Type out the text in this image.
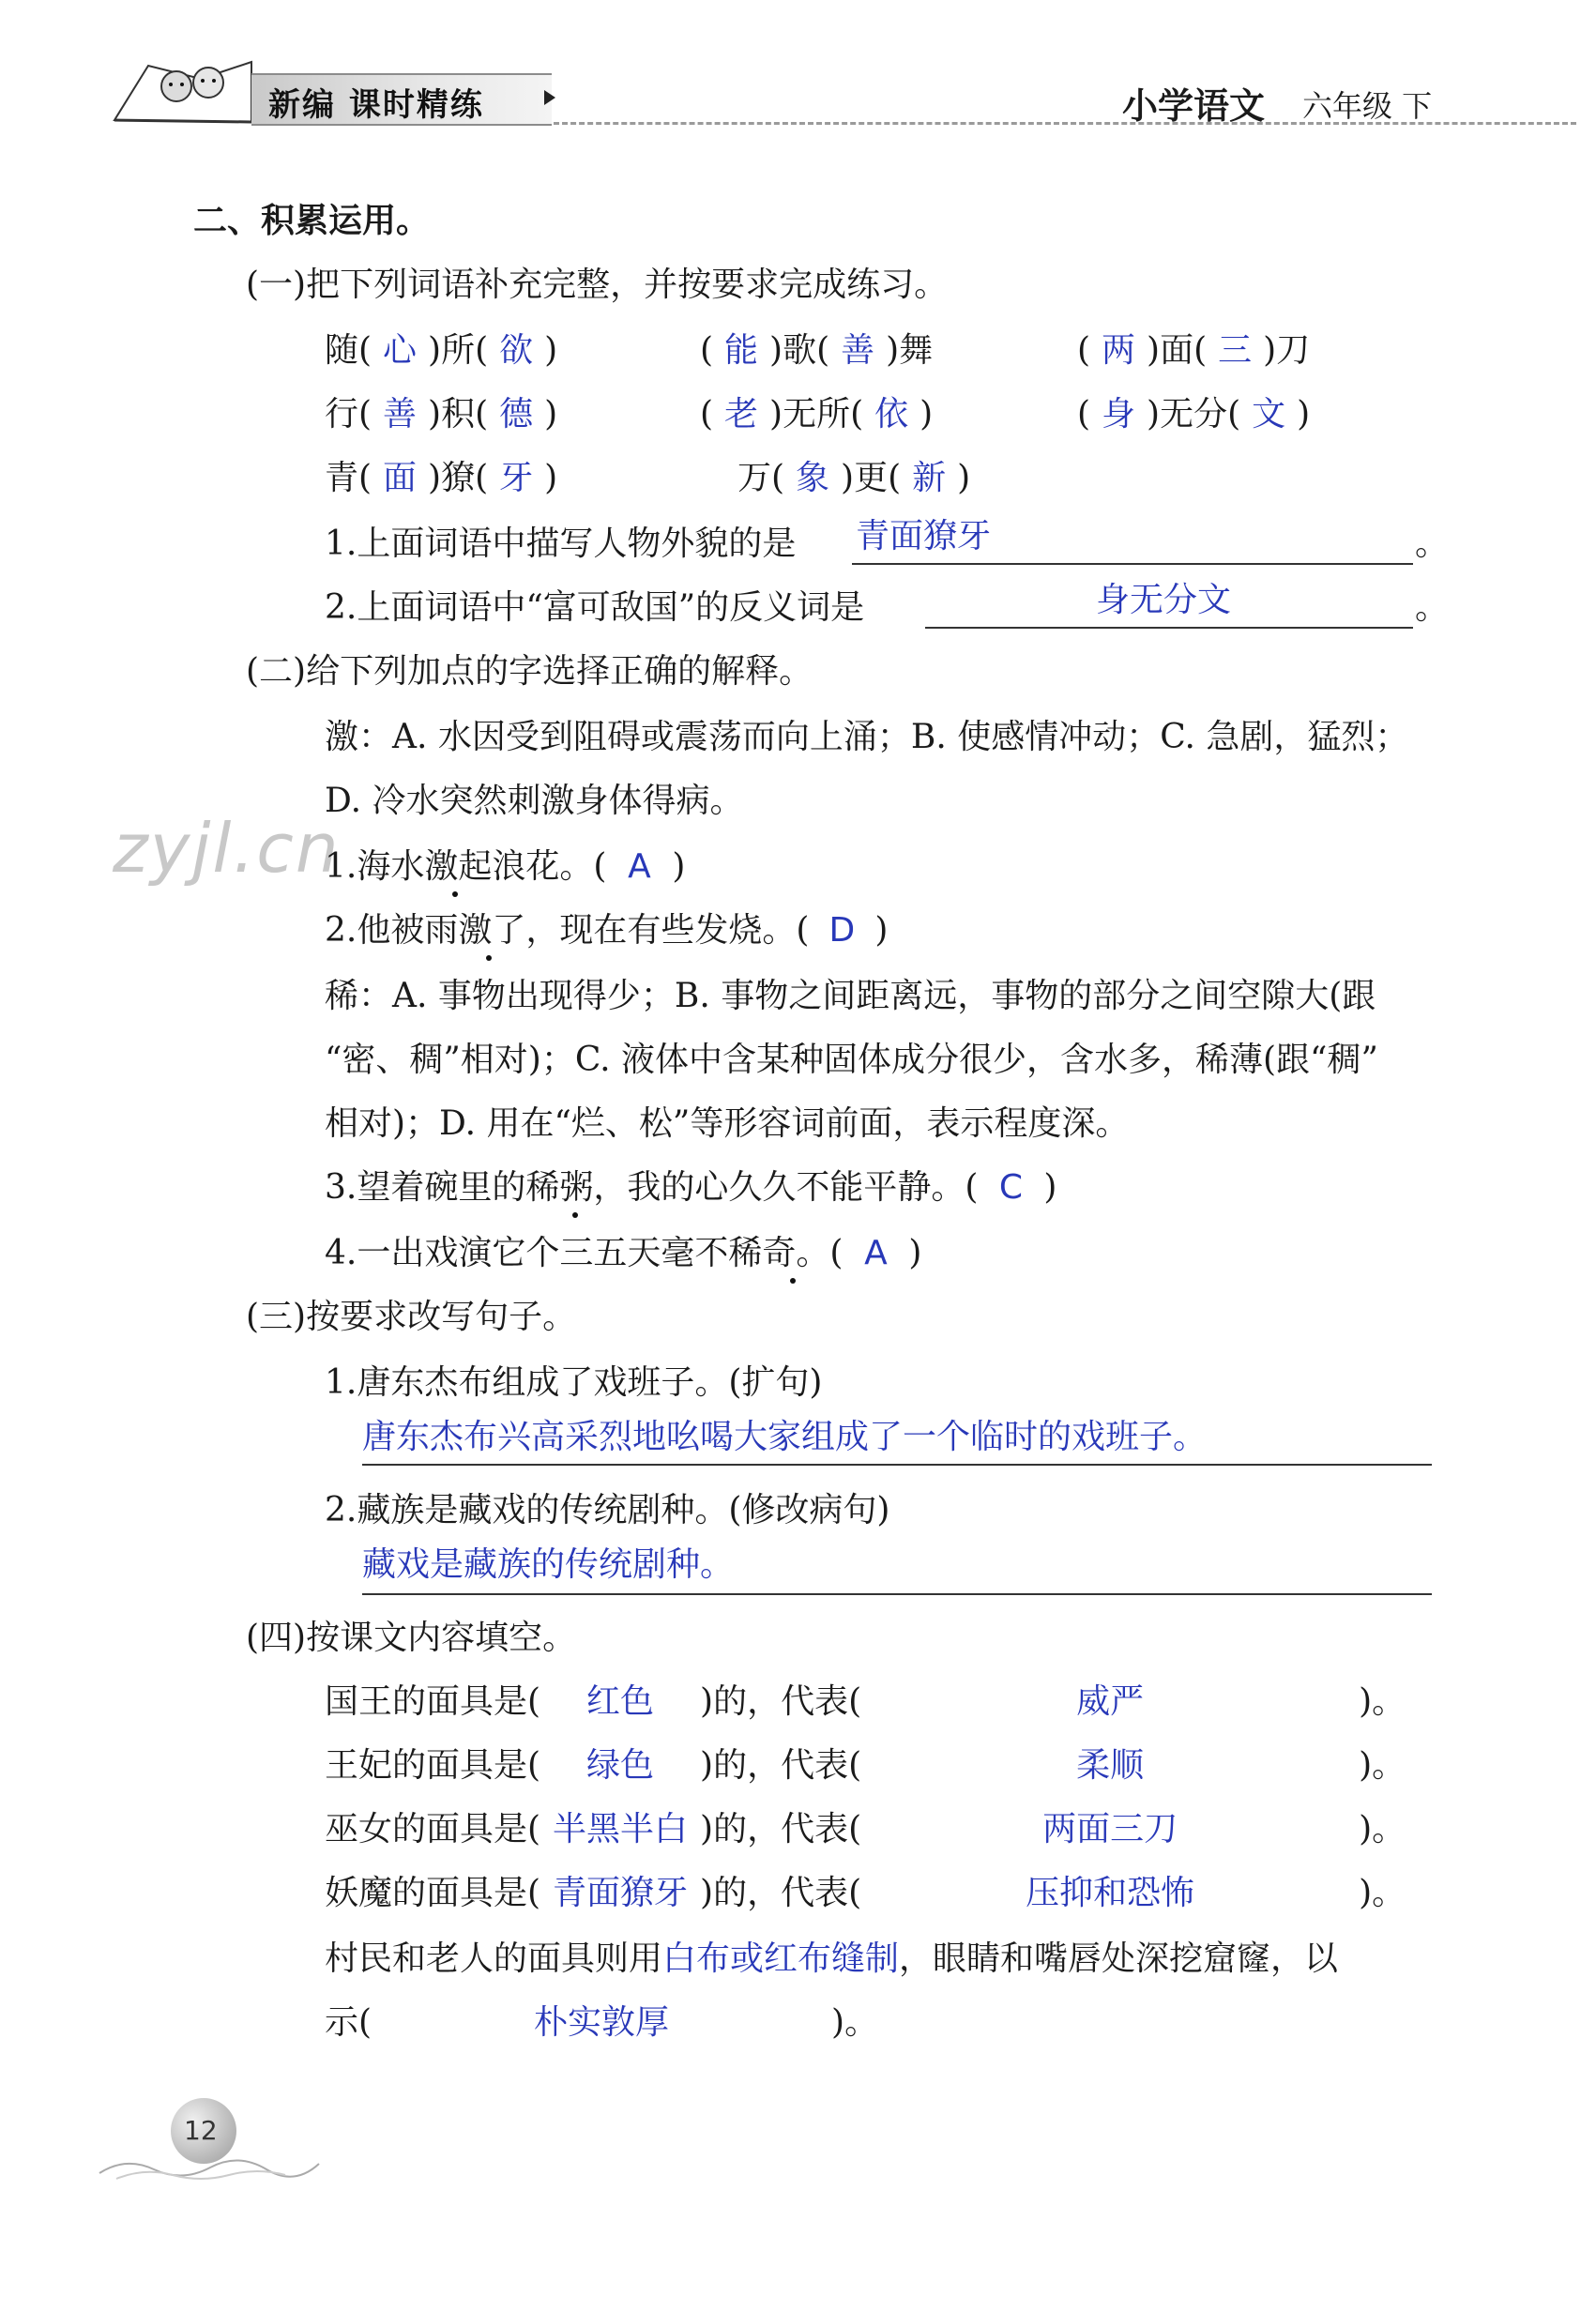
新编 课时精练	小学语文 六年级 下
zyjl.cn
二、积累运用。
(一)把下列词语补充完整，并按要求完成练习。
随( 心 )所( 欲 )	( 能 )歌( 善 )舞	( 两 )面( 三 )刀
行( 善 )积( 德 )	( 老 )无所( 依 )	( 身 )无分( 文 )
青( 面 )獠( 牙 )	万( 象 )更( 新 )
1.上面词语中描写人物外貌的是 青面獠牙	。
2.上面词语中“富可敌国”的反义词是	身无分文	。
(二)给下列加点的字选择正确的解释。
激：A. 水因受到阻碍或震荡而向上涌；B. 使感情冲动；C. 急剧，猛烈；
D. 冷水突然刺激身体得病。
1.海水激起浪花。( A )
2.他被雨激了，现在有些发烧。( D )
稀：A. 事物出现得少；B. 事物之间距离远，事物的部分之间空隙大(跟
“密、稠”相对)；C. 液体中含某种固体成分很少，含水多，稀薄(跟“稠”
相对)；D. 用在“烂、松”等形容词前面，表示程度深。
3.望着碗里的稀粥，我的心久久不能平静。( C )
4.一出戏演它个三五天毫不稀奇。( A )
(三)按要求改写句子。
1.唐东杰布组成了戏班子。(扩句)
唐东杰布兴高采烈地吆喝大家组成了一个临时的戏班子。
2.藏族是藏戏的传统剧种。(修改病句)
藏戏是藏族的传统剧种。
(四)按课文内容填空。
国王的面具是( 红色 )的，代表(	威严	)。
王妃的面具是( 绿色 )的，代表(	柔顺	)。
巫女的面具是( 半黑半白 )的，代表(	两面三刀	)。
妖魔的面具是( 青面獠牙 )的，代表(	压抑和恐怖	)。
村民和老人的面具则用白布或红布缝制，眼睛和嘴唇处深挖窟窿，以
示(	朴实敦厚	)。
12
